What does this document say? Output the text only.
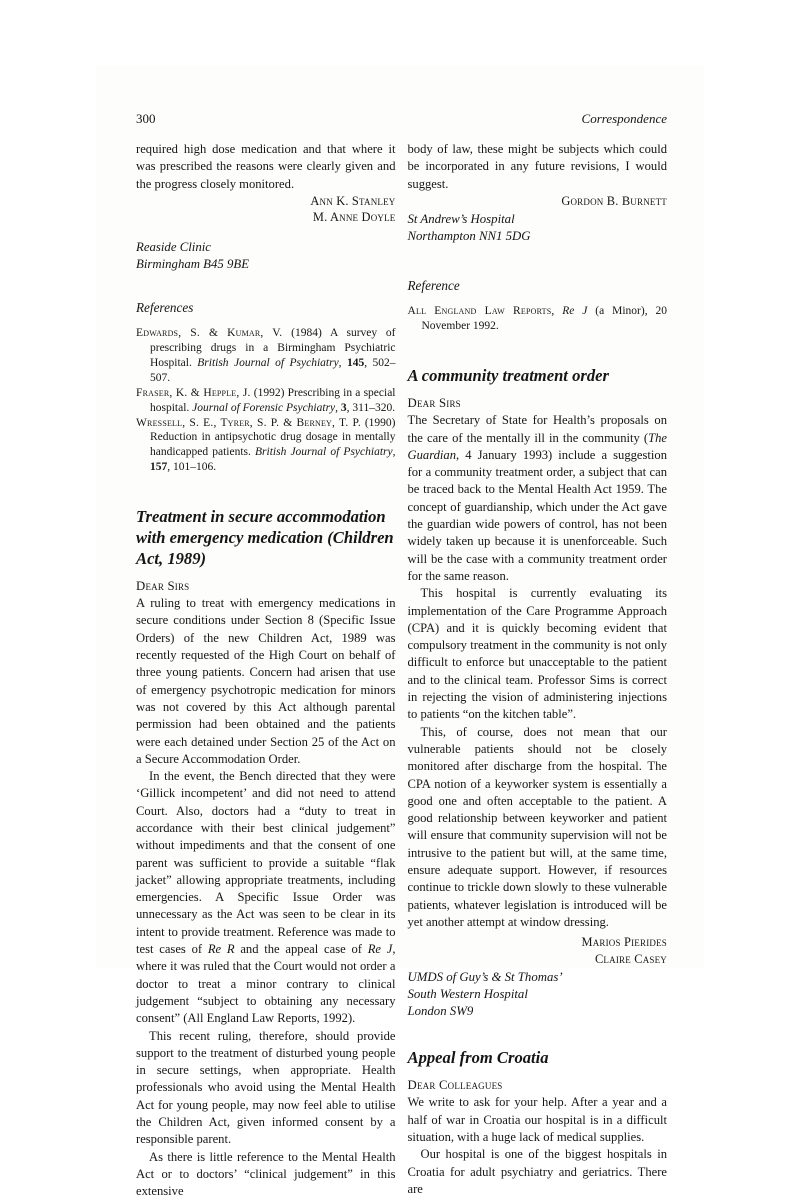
300	Correspondence

required high dose medication and that where it was prescribed the reasons were clearly given and the progress closely monitored.

Ann K. Stanley
M. Anne Doyle
Reaside Clinic
Birmingham B45 9BE
References

Edwards, S. & Kumar, V. (1984) A survey of prescribing drugs in a Birmingham Psychiatric Hospital. British Journal of Psychiatry, 145, 502–507.

Fraser, K. & Hepple, J. (1992) Prescribing in a special hospital. Journal of Forensic Psychiatry, 3, 311–320.

Wressell, S. E., Tyrer, S. P. & Berney, T. P. (1990) Reduction in antipsychotic drug dosage in mentally handicapped patients. British Journal of Psychiatry, 157, 101–106.

Treatment in secure accommodation with emergency medication (Children Act, 1989)
Dear Sirs

A ruling to treat with emergency medications in secure conditions under Section 8 (Specific Issue Orders) of the new Children Act, 1989 was recently requested of the High Court on behalf of three young patients. Concern had arisen that use of emergency psychotropic medication for minors was not covered by this Act although parental permission had been obtained and the patients were each detained under Section 25 of the Act on a Secure Accommodation Order.

In the event, the Bench directed that they were ‘Gillick incompetent’ and did not need to attend Court. Also, doctors had a “duty to treat in accordance with their best clinical judgement” without impediments and that the consent of one parent was sufficient to provide a suitable “flak jacket” allowing appropriate treatments, including emergencies. A Specific Issue Order was unnecessary as the Act was seen to be clear in its intent to provide treatment. Reference was made to test cases of Re R and the appeal case of Re J, where it was ruled that the Court would not order a doctor to treat a minor contrary to clinical judgement “subject to obtaining any necessary consent” (All England Law Reports, 1992).

This recent ruling, therefore, should provide support to the treatment of disturbed young people in secure settings, when appropriate. Health professionals who avoid using the Mental Health Act for young people, may now feel able to utilise the Children Act, given informed consent by a responsible parent.

As there is little reference to the Mental Health Act or to doctors’ “clinical judgement” in this extensive

body of law, these might be subjects which could be incorporated in any future revisions, I would suggest.

Gordon B. Burnett
St Andrew’s Hospital
Northampton NN1 5DG
Reference

All England Law Reports, Re J (a Minor), 20 November 1992.

A community treatment order
Dear Sirs

The Secretary of State for Health’s proposals on the care of the mentally ill in the community (The Guardian, 4 January 1993) include a suggestion for a community treatment order, a subject that can be traced back to the Mental Health Act 1959. The concept of guardianship, which under the Act gave the guardian wide powers of control, has not been widely taken up because it is unenforceable. Such will be the case with a community treatment order for the same reason.

This hospital is currently evaluating its implementation of the Care Programme Approach (CPA) and it is quickly becoming evident that compulsory treatment in the community is not only difficult to enforce but unacceptable to the patient and to the clinical team. Professor Sims is correct in rejecting the vision of administering injections to patients “on the kitchen table”.

This, of course, does not mean that our vulnerable patients should not be closely monitored after discharge from the hospital. The CPA notion of a keyworker system is essentially a good one and often acceptable to the patient. A good relationship between keyworker and patient will ensure that community supervision will not be intrusive to the patient but will, at the same time, ensure adequate support. However, if resources continue to trickle down slowly to these vulnerable patients, whatever legislation is introduced will be yet another attempt at window dressing.

Marios Pierides
Claire Casey
UMDS of Guy’s & St Thomas’
South Western Hospital
London SW9
Appeal from Croatia
Dear Colleagues

We write to ask for your help. After a year and a half of war in Croatia our hospital is in a difficult situation, with a huge lack of medical supplies.

Our hospital is one of the biggest hospitals in Croatia for adult psychiatry and geriatrics. There are
